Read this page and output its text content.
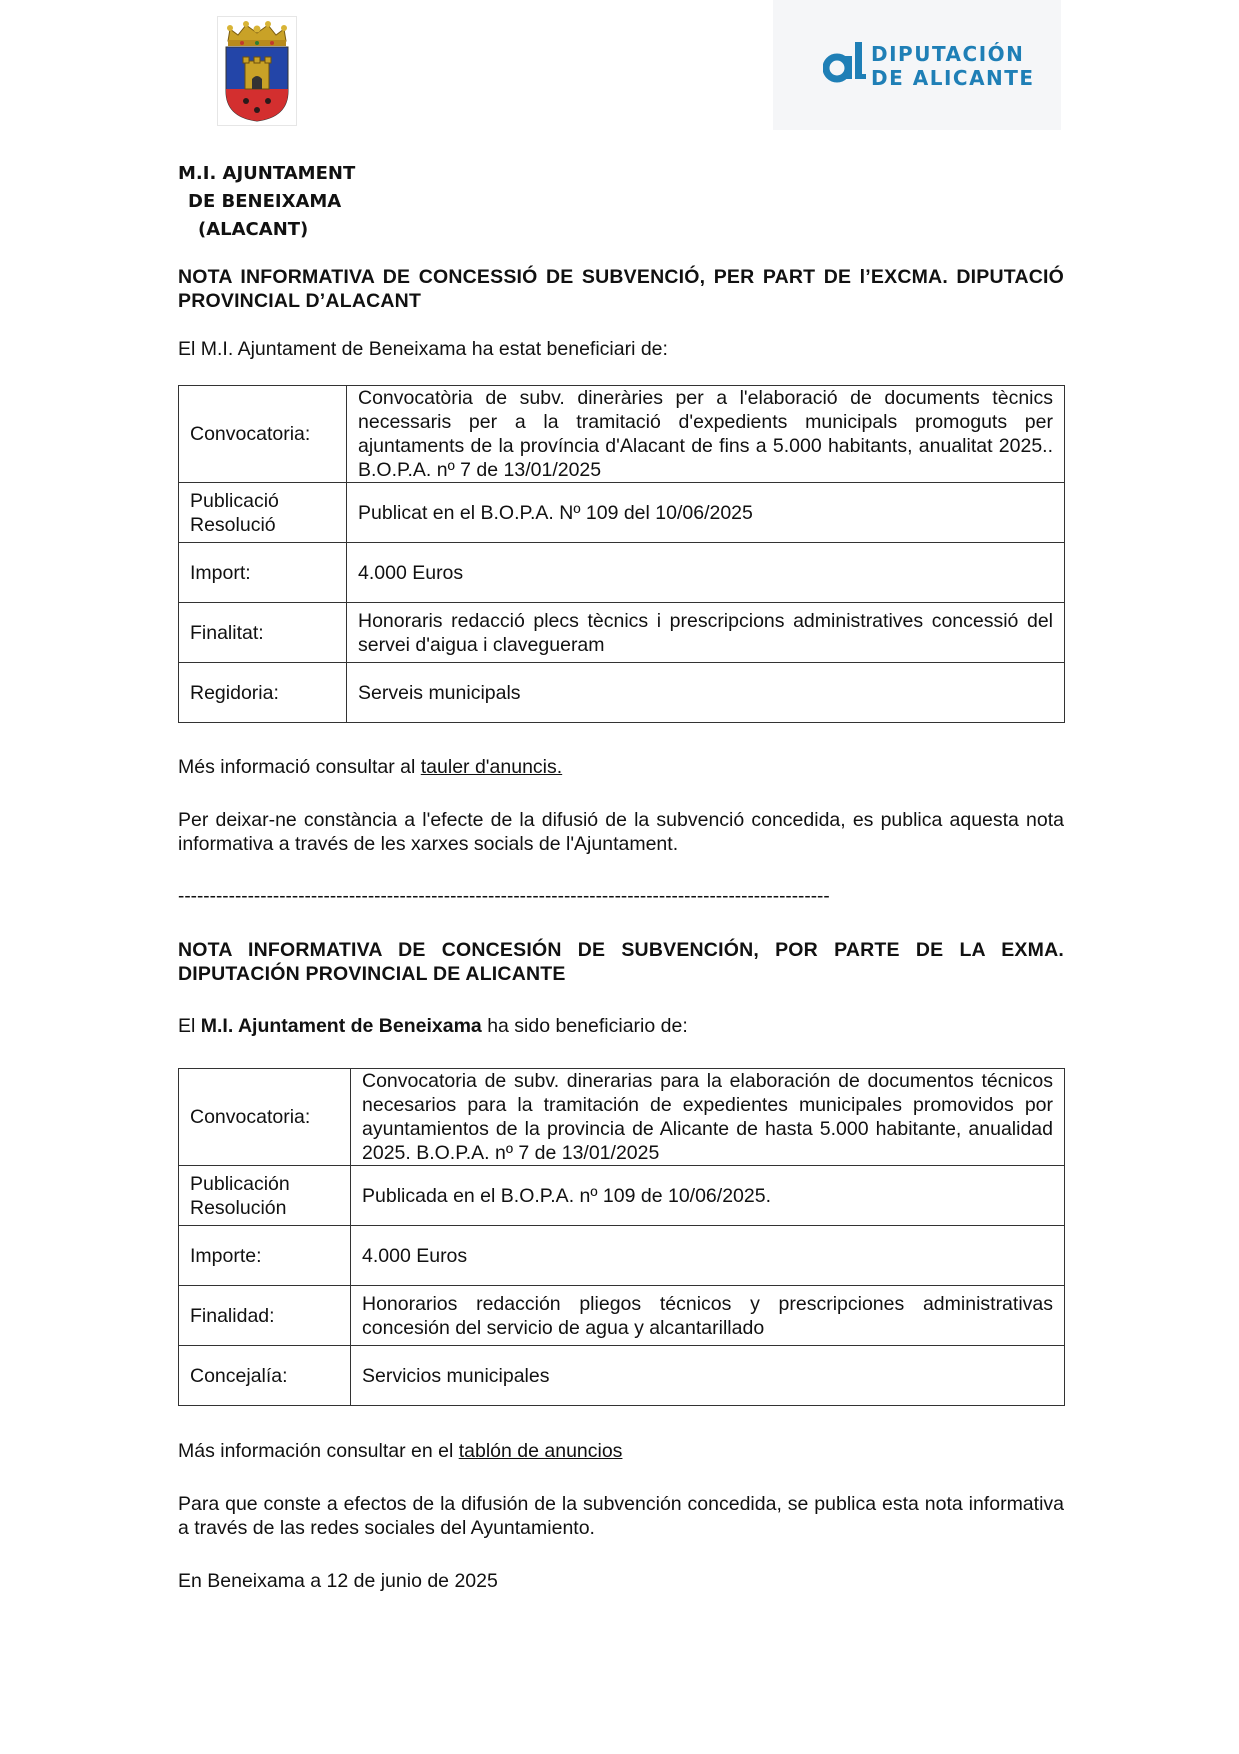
DIPUTACIÓN
DE ALICANTE
M.I. AJUNTAMENT
DE BENEIXAMA
(ALACANT)
NOTA INFORMATIVA DE CONCESSIÓ DE SUBVENCIÓ, PER PART DE l’EXCMA. DIPUTACIÓ PROVINCIAL D’ALACANT
El M.I. Ajuntament de Beneixama ha estat beneficiari de:
Convocatoria:	Convocatòria de subv. dineràries per a l'elaboració de documents tècnics necessaris per a la tramitació d'expedients municipals promoguts per ajuntaments de la província d'Alacant de fins a 5.000 habitants, anualitat 2025.. B.O.P.A. nº 7 de 13/01/2025

Publicació
Resolució	Publicat en el B.O.P.A. Nº 109 del 10/06/2025
Import:	4.000 Euros
Finalitat:	Honoraris redacció plecs tècnics i prescripcions administratives concessió del servei d'aigua i clavegueram
Regidoria:	Serveis municipals
Més informació consultar al tauler d'anuncis.
Per deixar-ne constància a l'efecte de la difusió de la subvenció concedida, es publica aquesta nota informativa a través de les xarxes socials de l'Ajuntament.
-------------------------------------------------------------------------------------------------------
NOTA INFORMATIVA DE CONCESIÓN DE SUBVENCIÓN, POR PARTE DE LA EXMA. DIPUTACIÓN PROVINCIAL DE ALICANTE
El M.I. Ajuntament de Beneixama ha sido beneficiario de:
Convocatoria:	Convocatoria de subv. dinerarias para la elaboración de documentos técnicos necesarios para la tramitación de expedientes municipales promovidos por ayuntamientos de la provincia de Alicante de hasta 5.000 habitante, anualidad 2025. B.O.P.A. nº 7 de 13/01/2025

Publicación
Resolución	Publicada en el B.O.P.A. nº 109 de 10/06/2025.
Importe:	4.000 Euros
Finalidad:	Honorarios redacción pliegos técnicos y prescripciones administrativas concesión del servicio de agua y alcantarillado
Concejalía:	Servicios municipales
Más información consultar en el tablón de anuncios
Para que conste a efectos de la difusión de la subvención concedida, se publica esta nota informativa a través de las redes sociales del Ayuntamiento.
En Beneixama a 12 de junio de 2025
